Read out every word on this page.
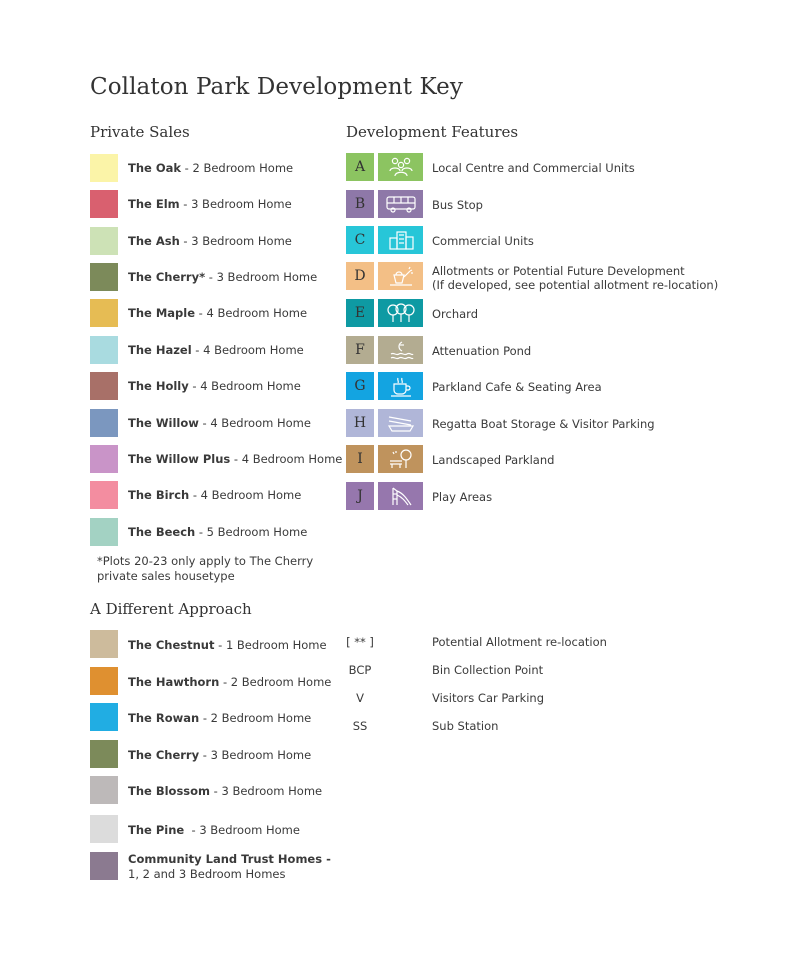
Collaton Park Development Key
Private Sales
The Oak - 2 Bedroom Home
The Elm - 3 Bedroom Home
The Ash - 3 Bedroom Home
The Cherry* - 3 Bedroom Home
The Maple - 4 Bedroom Home
The Hazel - 4 Bedroom Home
The Holly - 4 Bedroom Home
The Willow - 4 Bedroom Home
The Willow Plus - 4 Bedroom Home
The Birch - 4 Bedroom Home
The Beech - 5 Bedroom Home
*Plots 20-23 only apply to The Cherry private sales housetype
A Different Approach
The Chestnut - 1 Bedroom Home
The Hawthorn - 2 Bedroom Home
The Rowan - 2 Bedroom Home
The Cherry - 3 Bedroom Home
The Blossom - 3 Bedroom Home
The Pine  - 3 Bedroom Home
Community Land Trust Homes -
1, 2 and 3 Bedroom Homes
Development Features
A	Local Centre and Commercial Units
B	Bus Stop
C	Commercial Units
D	Allotments or Potential Future Development
(If developed, see potential allotment re-location)
E	Orchard
F	Attenuation Pond
G	Parkland Cafe & Seating Area
H	Regatta Boat Storage & Visitor Parking
I	Landscaped Parkland
J	Play Areas
[ ** ]	Potential Allotment re-location
BCP	Bin Collection Point
V	Visitors Car Parking
SS	Sub Station
